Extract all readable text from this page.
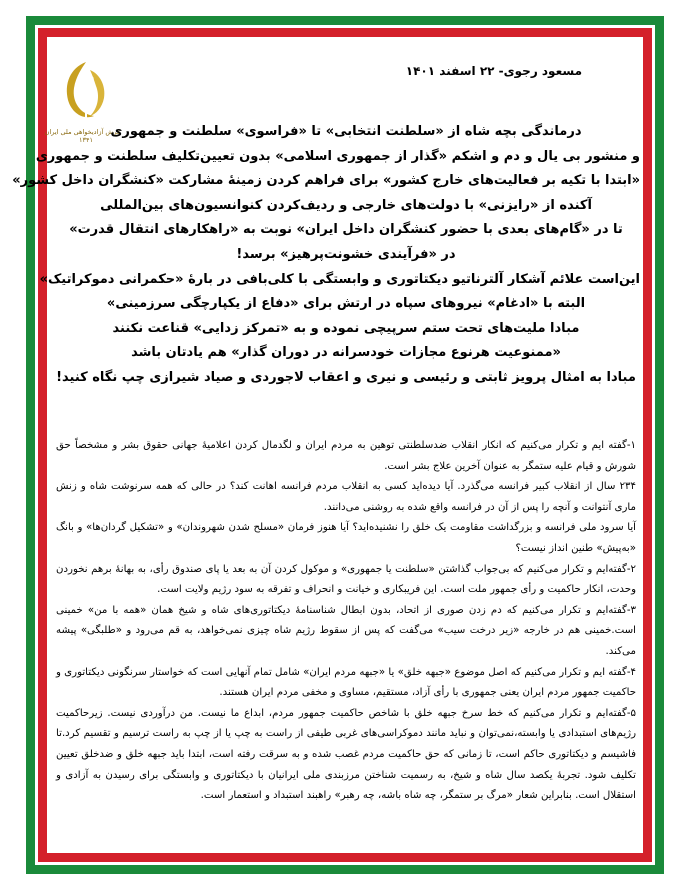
مسعود رجوی- ۲۲ اسفند ۱۴۰۱
فرش آزادیخواهی ملی ایران
۱۳۴۱
درماندگی بچه شاه از «سلطنت انتخابی» تا «فراسوی» سلطنت و جمهوری
و منشور بی یال و دم و اشکم «گذار از جمهوری اسلامی» بدون تعیین‌تکلیف سلطنت و جمهوری
«ابتدا با تکیه بر فعالیت‌های خارج کشور» برای فراهم کردن زمینهٔ مشارکت «کنشگران داخل کشور»
آکنده از «رایزنی» با دولت‌های خارجی و ردیف‌کردن کنوانسیون‌های بین‌المللی
تا در «گام‌های بعدی با حضور کنشگران داخل ایران» نوبت به «راهکارهای انتقال قدرت»
در «فرآیندی خشونت‌پرهیز» برسد!
این‌است علائم آشکار آلترناتیو دیکتاتوری و وابستگی با کلی‌بافی در بارهٔ «حکمرانی دموکراتیک»
البته با «ادغام» نیروهای سپاه در ارتش برای «دفاع از یکپارچگی سرزمینی»
مبادا ملیت‌های تحت ستم سرپیچی نموده و به «تمرکز زدایی» قناعت نکنند
«ممنوعیت هرنوع مجازات خودسرانه در دوران گذار» هم یادتان باشد
مبادا به امثال پرویز ثابتی و رئیسی و نیری و اعقاب لاجوردی و صیاد شیرازی چپ نگاه کنید!

۱-گفته ایم و تکرار می‌کنیم که انکار انقلاب ضدسلطنتی توهین به مردم ایران و لگدمال کردن اعلامیهٔ جهانی حقوق بشر و مشخصاً حق شورش و قیام علیه ستمگر به عنوان آخرین علاج بشر است.

۲۳۴ سال از انقلاب کبیر فرانسه می‌گذرد. آیا دیده‌اید کسی به انقلاب مردم فرانسه اهانت کند؟ در حالی که همه سرنوشت شاه و زنش ماری آنتوانت و آنچه را پس از آن در فرانسه واقع شده به روشنی می‌دانند.

آیا سرود ملی فرانسه و بزرگداشت مقاومت یک خلق را نشنیده‌اید؟ آیا هنوز فرمان «مسلح شدن شهروندان» و «تشکیل گردان‌ها» و بانگ «به‌پیش» طنین انداز نیست؟

۲-گفته‌ایم و تکرار می‌کنیم که بی‌جواب گذاشتن «سلطنت یا جمهوری» و موکول کردن آن به بعد یا پای صندوق رأی، به بهانهٔ برهم نخوردن وحدت، انکار حاکمیت و رأی جمهور ملت است. این فریبکاری و خیانت و انحراف و تفرقه به سود رژیم ولایت است.

۳-گفته‌ایم و تکرار می‌کنیم که دم زدن صوری از اتحاد، بدون ابطال شناسنامهٔ دیکتاتوری‌های شاه و شیخ همان «همه با من» خمینی است.خمینی هم در خارجه «زیر درخت سیب» می‌گفت که پس از سقوط رژیم شاه چیزی نمی‌خواهد، به قم می‌رود و «طلبگی» پیشه می‌کند.

۴-گفته ایم و تکرار می‌کنیم که اصل موضوع «جبهه خلق» یا «جبهه مردم ایران» شامل تمام آنهایی است که خواستار سرنگونی دیکتاتوری و حاکمیت جمهور مردم ایران یعنی جمهوری با رأی آزاد، مستقیم، مساوی و مخفی مردم ایران هستند.

۵-گفته‌ایم و تکرار می‌کنیم که خط سرخ جبهه خلق با شاخص حاکمیت جمهور مردم، ابداع ما نیست. من در‌آوردی نیست. زیرحاکمیت رژیم‌های استبدادی یا وابسته،نمی‌توان و نباید مانند دموکراسی‌های غربی طیفی از راست به چپ یا از چپ به راست ترسیم و تقسیم کرد.تا فاشیسم و دیکتاتوری حاکم است، تا زمانی که حق حاکمیت مردم غصب شده و به سرقت رفته است، ابتدا باید جبهه خلق و ضدخلق تعیین تکلیف شود. تجربهٔ یکصد سال شاه و شیخ، به رسمیت شناختن مرزبندی ملی ایرانیان با دیکتاتوری و وابستگی برای رسیدن به آزادی و استقلال است. بنابراین شعار «مرگ بر ستمگر، چه شاه باشه، چه رهبر» راهبند استبداد و استعمار است.
